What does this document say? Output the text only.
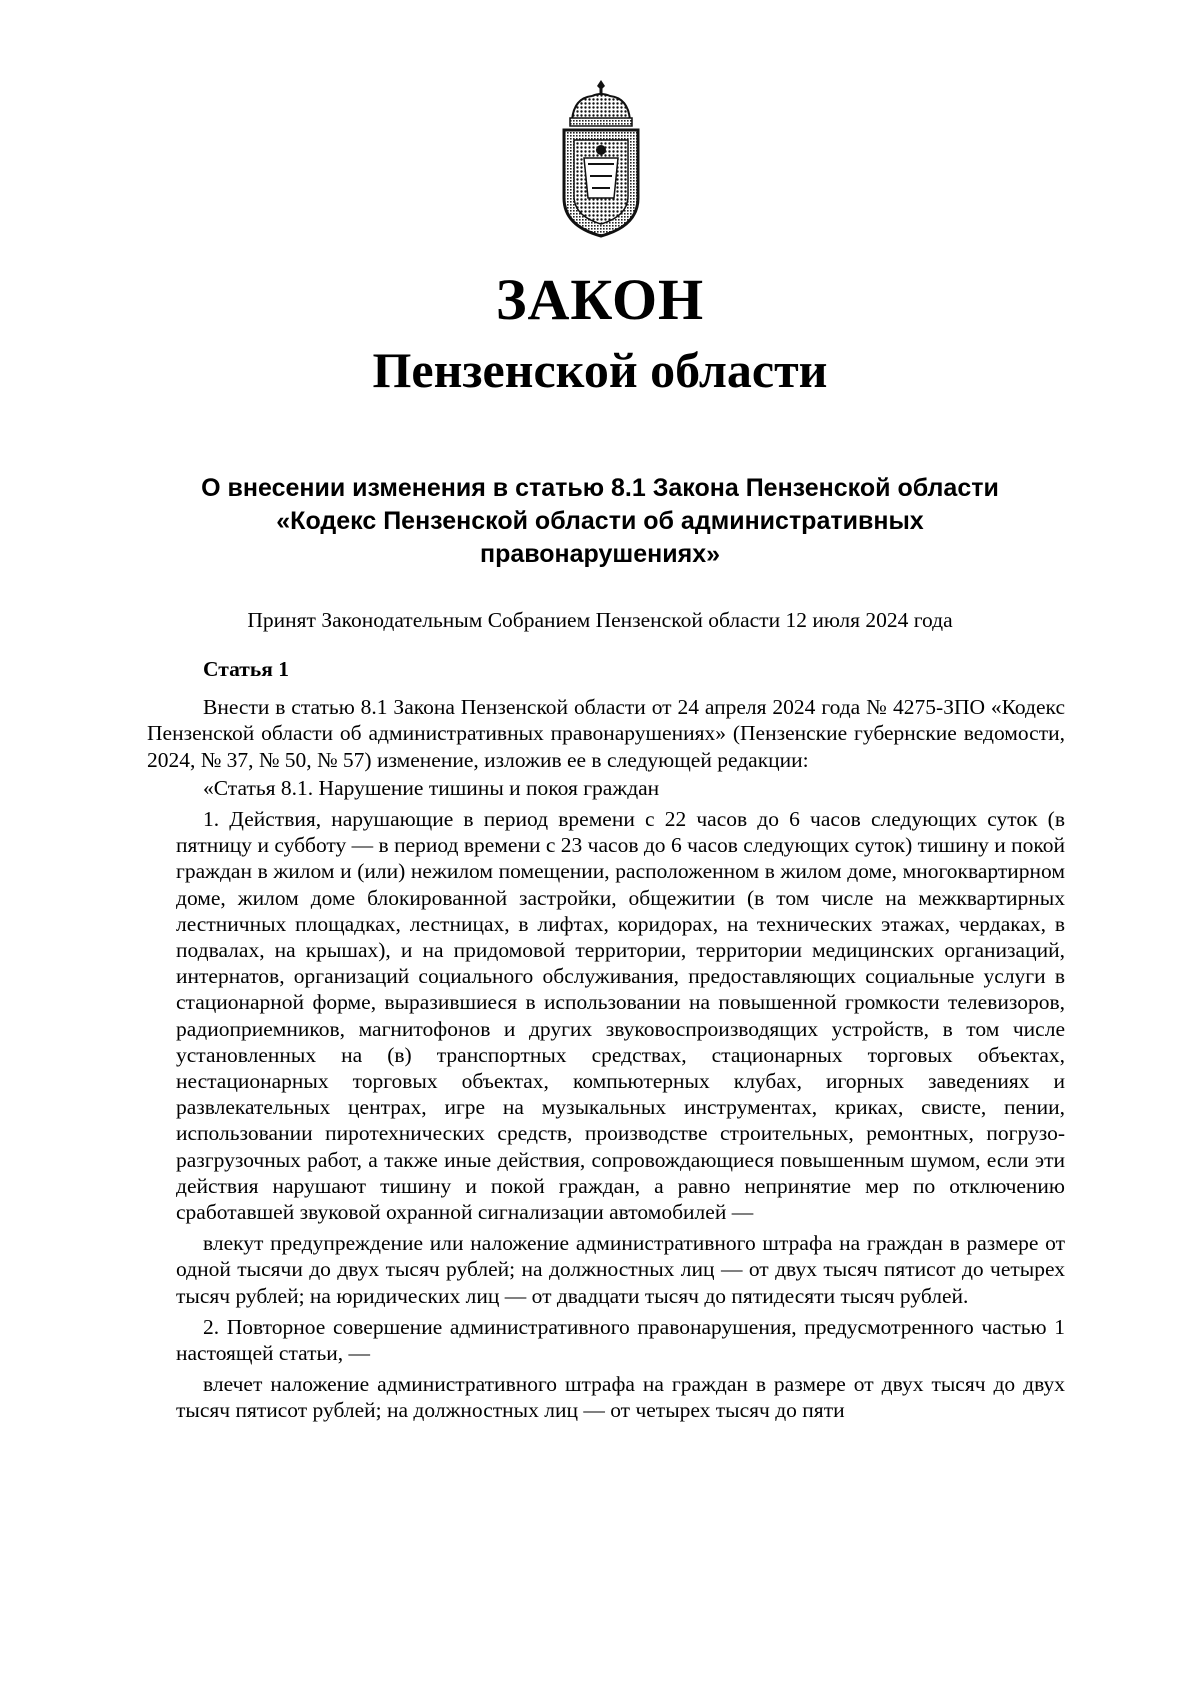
ЗАКОН
Пензенской области
О внесении изменения в статью 8.1 Закона Пензенской области
«Кодекс Пензенской области об административных
правонарушениях»
Принят Законодательным Собранием Пензенской области 12 июля 2024 года

Статья 1

Внести в статью 8.1 Закона Пензенской области от 24 апреля 2024 года № 4275-ЗПО «Кодекс Пензенской области об административных правонарушениях» (Пензенские губернские ведомости, 2024, № 37, № 50, № 57) изменение, изложив ее в следующей редакции:

«Статья 8.1. Нарушение тишины и покоя граждан

1. Действия, нарушающие в период времени с 22 часов до 6 часов следующих суток (в пятницу и субботу — в период времени с 23 часов до 6 часов следующих суток) тишину и покой граждан в жилом и (или) нежилом помещении, расположенном в жилом доме, многоквартирном доме, жилом доме блокированной застройки, общежитии (в том числе на межквартирных лестничных площадках, лестницах, в лифтах, коридорах, на технических этажах, чердаках, в подвалах, на крышах), и на придомовой территории, территории медицинских организаций, интернатов, организаций социального обслуживания, предоставляющих социальные услуги в стационарной форме, выразившиеся в использовании на повышенной громкости телевизоров, радиоприемников, магнитофонов и других звуковоспроизводящих устройств, в том числе установленных на (в) транспортных средствах, стационарных торговых объектах, нестационарных торговых объектах, компьютерных клубах, игорных заведениях и развлекательных центрах, игре на музыкальных инструментах, криках, свисте, пении, использовании пиротехнических средств, производстве строительных, ремонтных, погрузо-разгрузочных работ, а также иные действия, сопровождающиеся повышенным шумом, если эти действия нарушают тишину и покой граждан, а равно непринятие мер по отключению сработавшей звуковой охранной сигнализации автомобилей —

влекут предупреждение или наложение административного штрафа на граждан в размере от одной тысячи до двух тысяч рублей; на должностных лиц — от двух тысяч пятисот до четырех тысяч рублей; на юридических лиц — от двадцати тысяч до пятидесяти тысяч рублей.

2. Повторное совершение административного правонарушения, предусмотренного частью 1 настоящей статьи, —

влечет наложение административного штрафа на граждан в размере от двух тысяч до двух тысяч пятисот рублей; на должностных лиц — от четырех тысяч до пяти
